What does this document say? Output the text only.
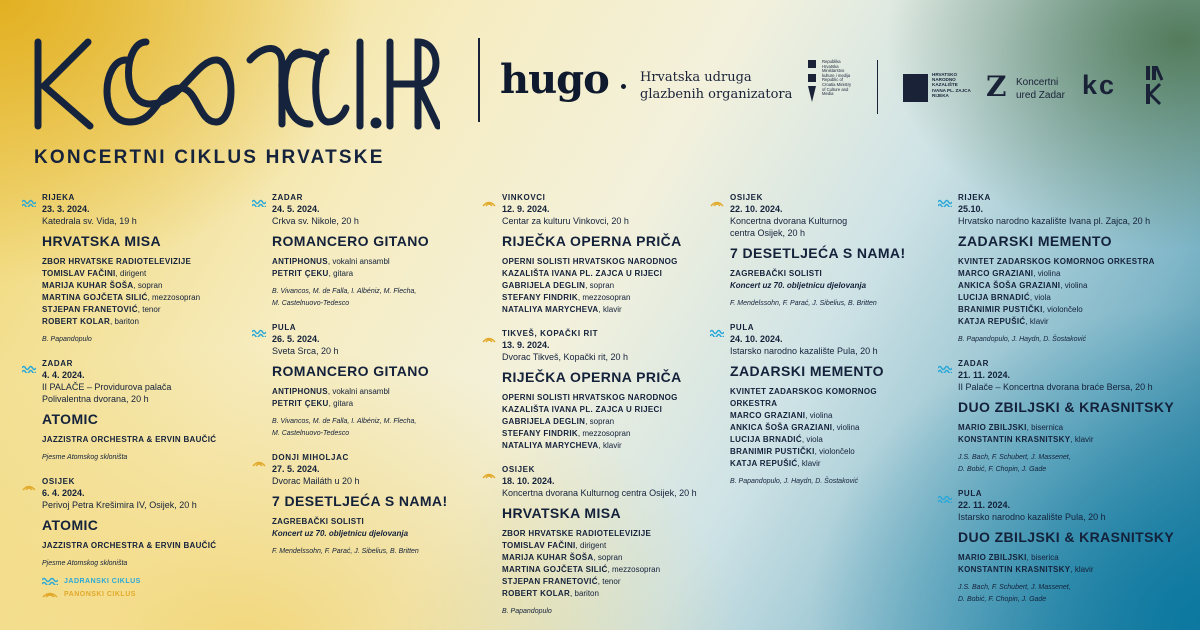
KONCERTNI CIKLUS HRVATSKE
hugo Hrvatska udruga
glazbenih organizatora
Republika Hrvatska Ministarstvo kulture i medija Republic of Croatia Ministry of Culture and Media
HRVATSKO NARODNO KAZALIŠTE IVANA PL. ZAJCA RIJEKA	Z Koncertni
ured Zadar kc
RIJEKA
23. 3. 2024.
Katedrala sv. Vida, 19 h
HRVATSKA MISA
ZBOR HRVATSKE RADIOTELEVIZIJE
TOMISLAV FAČINI, dirigent
MARIJA KUHAR ŠOŠA, sopran
MARTINA GOJČETA SILIĆ, mezzosopran
STJEPAN FRANETOVIĆ, tenor
ROBERT KOLAR, bariton
B. Papandopulo
ZADAR
4. 4. 2024.
II PALAČE – Providurova palača
Polivalentna dvorana, 20 h
ATOMIC
JAZZISTRA ORCHESTRA & ERVIN BAUČIĆ
Pjesme Atomskog skloništa
OSIJEK
6. 4. 2024.
Perivoj Petra Krešimira IV, Osijek, 20 h
ATOMIC
JAZZISTRA ORCHESTRA & ERVIN BAUČIĆ
Pjesme Atomskog skloništa
ZADAR
24. 5. 2024.
Crkva sv. Nikole, 20 h
ROMANCERO GITANO
ANTIPHONUS, vokalni ansambl
PETRIT ÇEKU, gitara
B. Vivancos, M. de Falla, I. Albéniz, M. Flecha,
M. Castelnuovo-Tedesco
PULA
26. 5. 2024.
Sveta Srca, 20 h
ROMANCERO GITANO
ANTIPHONUS, vokalni ansambl
PETRIT ÇEKU, gitara
B. Vivancos, M. de Falla, I. Albéniz, M. Flecha,
M. Castelnuovo-Tedesco
DONJI MIHOLJAC
27. 5. 2024.
Dvorac Mailáth u 20 h
7 DESETLJEĆA S NAMA!
ZAGREBAČKI SOLISTI
Koncert uz 70. obljetnicu djelovanja
F. Mendelssohn, F. Parać, J. Sibelius, B. Britten
VINKOVCI
12. 9. 2024.
Centar za kulturu Vinkovci, 20 h
RIJEČKA OPERNA PRIČA
OPERNI SOLISTI HRVATSKOG NARODNOG
KAZALIŠTA IVANA PL. ZAJCA U RIJECI
GABRIJELA DEGLIN, sopran
STEFANY FINDRIK, mezzosopran
NATALIYA MARYCHEVA, klavir
TIKVEŠ, KOPAČKI RIT
13. 9. 2024.
Dvorac Tikveš, Kopački rit, 20 h
RIJEČKA OPERNA PRIČA
OPERNI SOLISTI HRVATSKOG NARODNOG
KAZALIŠTA IVANA PL. ZAJCA U RIJECI
GABRIJELA DEGLIN, sopran
STEFANY FINDRIK, mezzosopran
NATALIYA MARYCHEVA, klavir
OSIJEK
18. 10. 2024.
Koncertna dvorana Kulturnog centra Osijek, 20 h
HRVATSKA MISA
ZBOR HRVATSKE RADIOTELEVIZIJE
TOMISLAV FAČINI, dirigent
MARIJA KUHAR ŠOŠA, sopran
MARTINA GOJČETA SILIĆ, mezzosopran
STJEPAN FRANETOVIĆ, tenor
ROBERT KOLAR, bariton
B. Papandopulo
OSIJEK
22. 10. 2024.
Koncertna dvorana Kulturnog
centra Osijek, 20 h
7 DESETLJEĆA S NAMA!
ZAGREBAČKI SOLISTI
Koncert uz 70. obljetnicu djelovanja
F. Mendelssohn, F. Parać, J. Sibelius, B. Britten
PULA
24. 10. 2024.
Istarsko narodno kazalište Pula, 20 h
ZADARSKI MEMENTO
KVINTET ZADARSKOG KOMORNOG ORKESTRA
MARCO GRAZIANI, violina
ANKICA ŠOŠA GRAZIANI, violina
LUCIJA BRNADIĆ, viola
BRANIMIR PUSTIČKI, violončelo
KATJA REPUŠIĆ, klavir
B. Papandopulo, J. Haydn, D. Šostaković
RIJEKA
25.10.
Hrvatsko narodno kazalište Ivana pl. Zajca, 20 h
ZADARSKI MEMENTO
KVINTET ZADARSKOG KOMORNOG ORKESTRA
MARCO GRAZIANI, violina
ANKICA ŠOŠA GRAZIANI, violina
LUCIJA BRNADIĆ, viola
BRANIMIR PUSTIČKI, violončelo
KATJA REPUŠIĆ, klavir
B. Papandopulo, J. Haydn, D. Šostaković
ZADAR
21. 11. 2024.
II Palače – Koncertna dvorana braće Bersa, 20 h
DUO ZBILJSKI & KRASNITSKY
MARIO ZBILJSKI, bisernica
KONSTANTIN KRASNITSKY, klavir
J.S. Bach, F. Schubert, J. Massenet,
D. Bobić, F. Chopin, J. Gade
PULA
22. 11. 2024.
Istarsko narodno kazalište Pula, 20 h
DUO ZBILJSKI & KRASNITSKY
MARIO ZBILJSKI, biserica
KONSTANTIN KRASNITSKY, klavir
J.S. Bach, F. Schubert, J. Massenet,
D. Bobić, F. Chopin, J. Gade
JADRANSKI CIKLUS
PANONSKI CIKLUS
